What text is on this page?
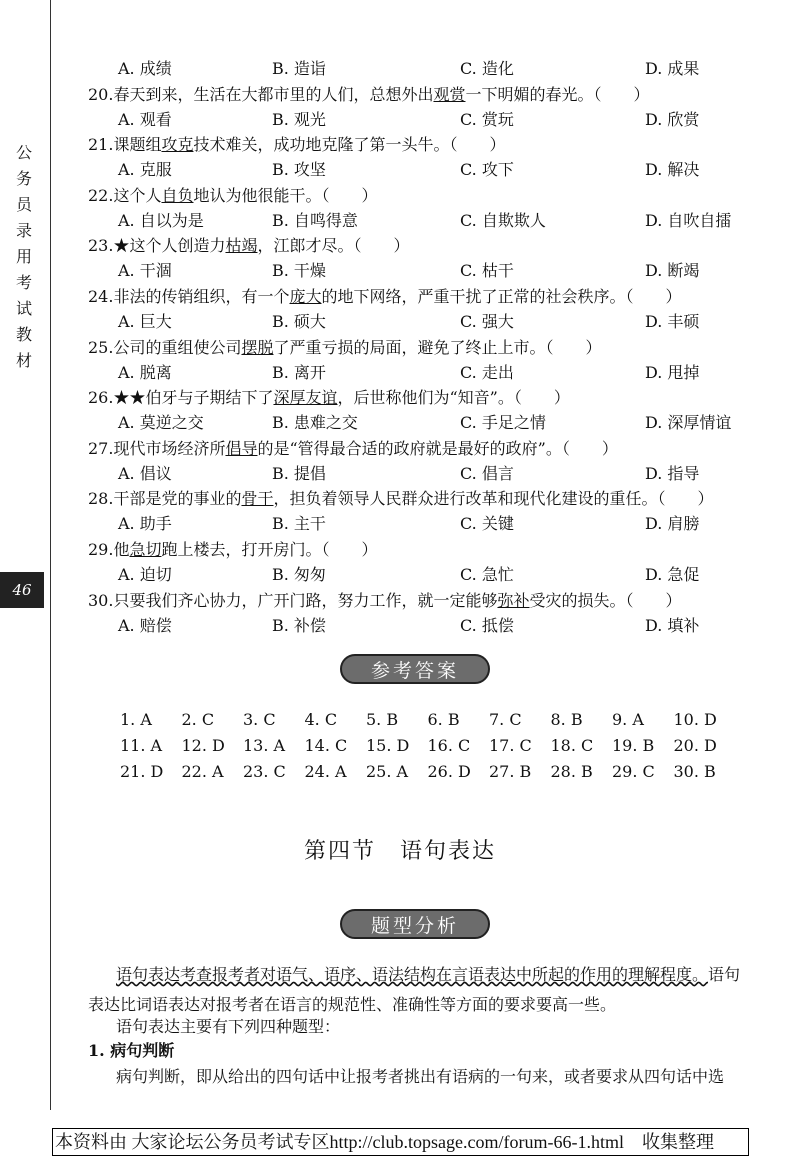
公务员录用考试教材
46
参考答案
1. A 2. C 3. C 4. C 5. B 6. B 7. C 8. B 9. A 10. D
11. A 12. D 13. A 14. C 15. D 16. C 17. C 18. C 19. B 20. D
21. D 22. A 23. C 24. A 25. A 26. D 27. B 28. B 29. C 30. B
第四节　语句表达
题型分析
语句表达考查报考者对语气、语序、语法结构在言语表达中所起的作用的理解程度。语句表达比词语表达对报考者在语言的规范性、准确性等方面的要求要高一些。
语句表达主要有下列四种题型：
1. 病句判断
病句判断，即从给出的四句话中让报考者挑出有语病的一句来，或者要求从四句话中选
本资料由 大家论坛公务员考试专区http://club.topsage.com/forum-66-1.html　收集整理
A. 成绩	B. 造诣	C. 造化	D. 成果
20.春天到来，生活在大都市里的人们，总想外出观赏一下明媚的春光。（　　）
A. 观看	B. 观光	C. 赏玩	D. 欣赏
21.课题组攻克技术难关，成功地克隆了第一头牛。（　　）
A. 克服	B. 攻坚	C. 攻下	D. 解决
22.这个人自负地认为他很能干。（　　）
A. 自以为是	B. 自鸣得意	C. 自欺欺人	D. 自吹自擂
23.★这个人创造力枯竭，江郎才尽。（　　）
A. 干涸	B. 干燥	C. 枯干	D. 断竭
24.非法的传销组织，有一个庞大的地下网络，严重干扰了正常的社会秩序。（　　）
A. 巨大	B. 硕大	C. 强大	D. 丰硕
25.公司的重组使公司摆脱了严重亏损的局面，避免了终止上市。（　　）
A. 脱离	B. 离开	C. 走出	D. 甩掉
26.★★伯牙与子期结下了深厚友谊，后世称他们为“知音”。（　　）
A. 莫逆之交	B. 患难之交	C. 手足之情	D. 深厚情谊
27.现代市场经济所倡导的是“管得最合适的政府就是最好的政府”。（　　）
A. 倡议	B. 提倡	C. 倡言	D. 指导
28.干部是党的事业的骨干，担负着领导人民群众进行改革和现代化建设的重任。（　　）
A. 助手	B. 主干	C. 关键	D. 肩膀
29.他急切跑上楼去，打开房门。（　　）
A. 迫切	B. 匆匆	C. 急忙	D. 急促
30.只要我们齐心协力，广开门路，努力工作，就一定能够弥补受灾的损失。（　　）
A. 赔偿	B. 补偿	C. 抵偿	D. 填补
